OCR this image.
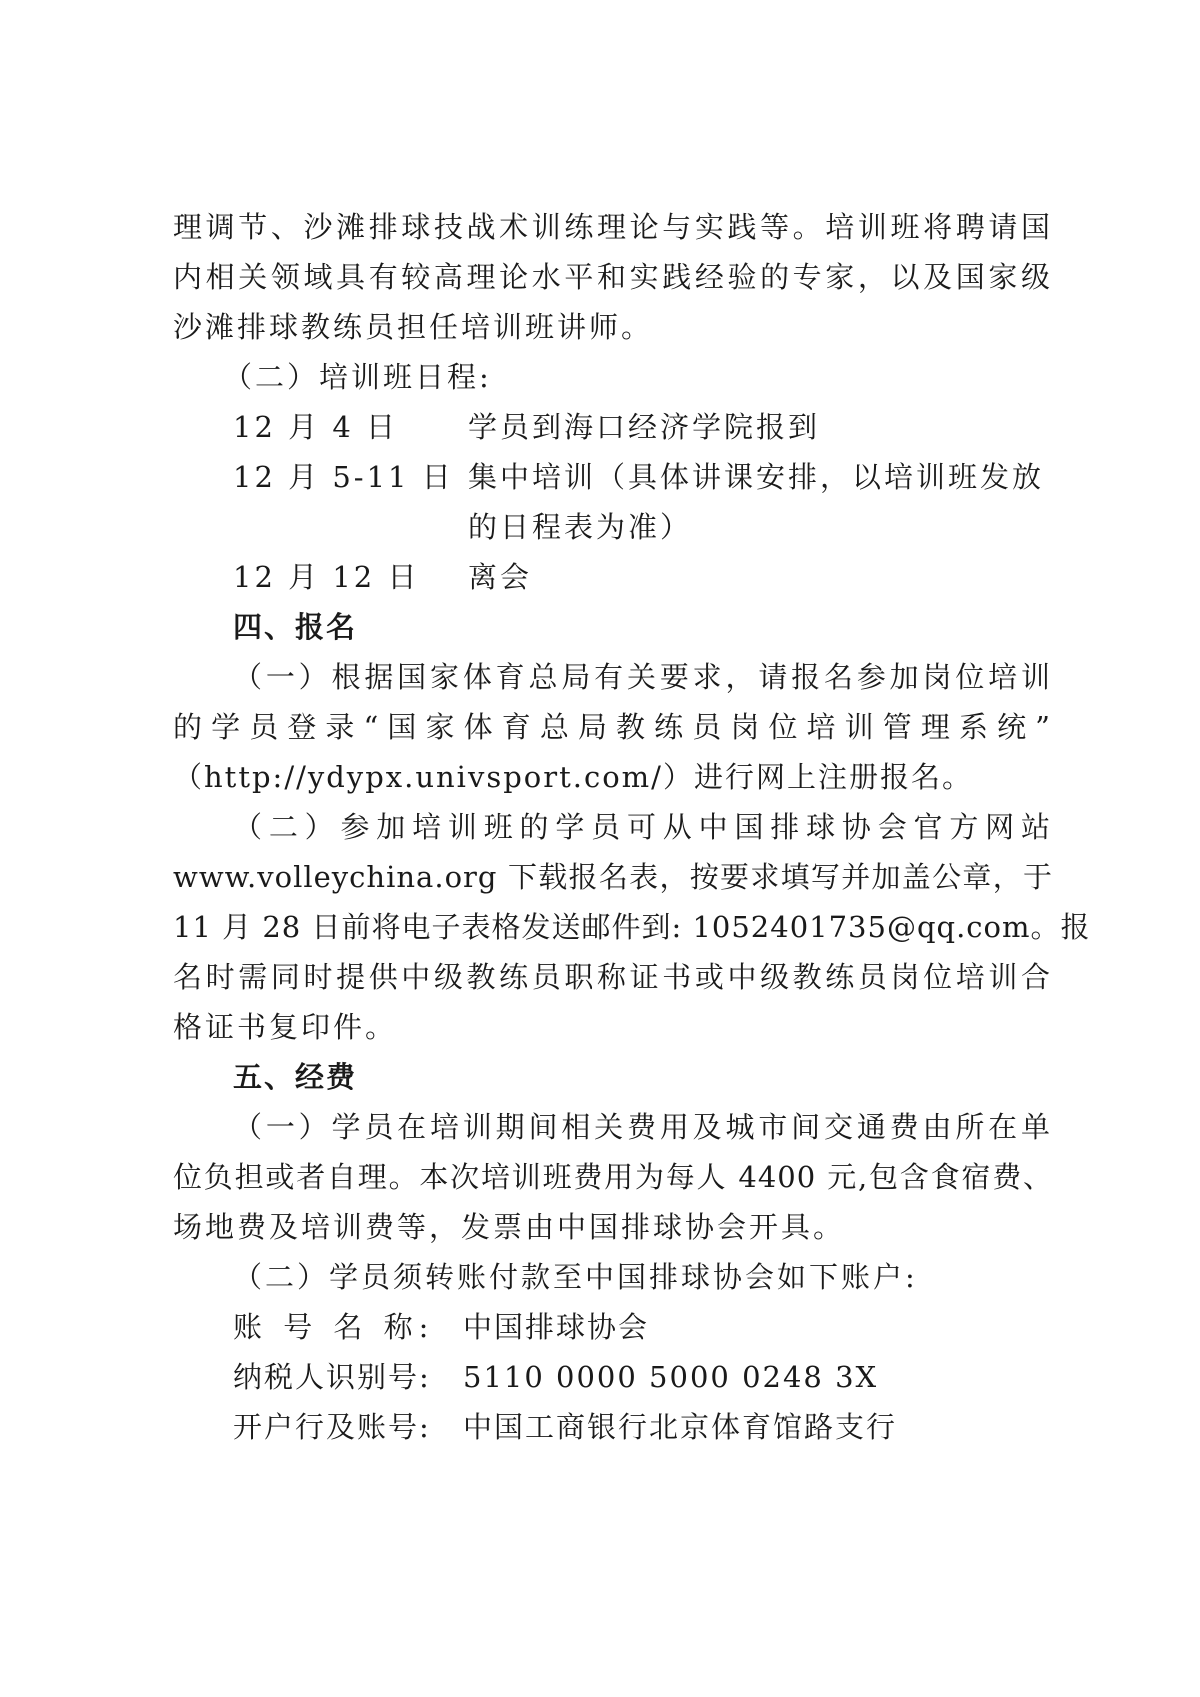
理调节、沙滩排球技战术训练理论与实践等。培训班将聘请国
内相关领域具有较高理论水平和实践经验的专家，以及国家级
沙滩排球教练员担任培训班讲师。
（二）培训班日程:
12 月 4 日 学员到海口经济学院报到
12 月 5-11 日 集中培训（具体讲课安排，以培训班发放
的日程表为准）
12 月 12 日 离会
四、报名
（一）根据国家体育总局有关要求，请报名参加岗位培训
的学员登录“国家体育总局教练员岗位培训管理系统”
（http://ydypx.univsport.com/）进行网上注册报名。
（二）参加培训班的学员可从中国排球协会官方网站
www.volleychina.org 下载报名表，按要求填写并加盖公章，于
11 月 28 日前将电子表格发送邮件到: 1052401735@qq.com。报
名时需同时提供中级教练员职称证书或中级教练员岗位培训合
格证书复印件。
五、经费
（一）学员在培训期间相关费用及城市间交通费由所在单
位负担或者自理。本次培训班费用为每人 4400 元,包含食宿费、
场地费及培训费等，发票由中国排球协会开具。
（二）学员须转账付款至中国排球协会如下账户:
账 号 名 称: 中国排球协会
纳税人识别号: 5110 0000 5000 0248 3X
开户行及账号: 中国工商银行北京体育馆路支行
